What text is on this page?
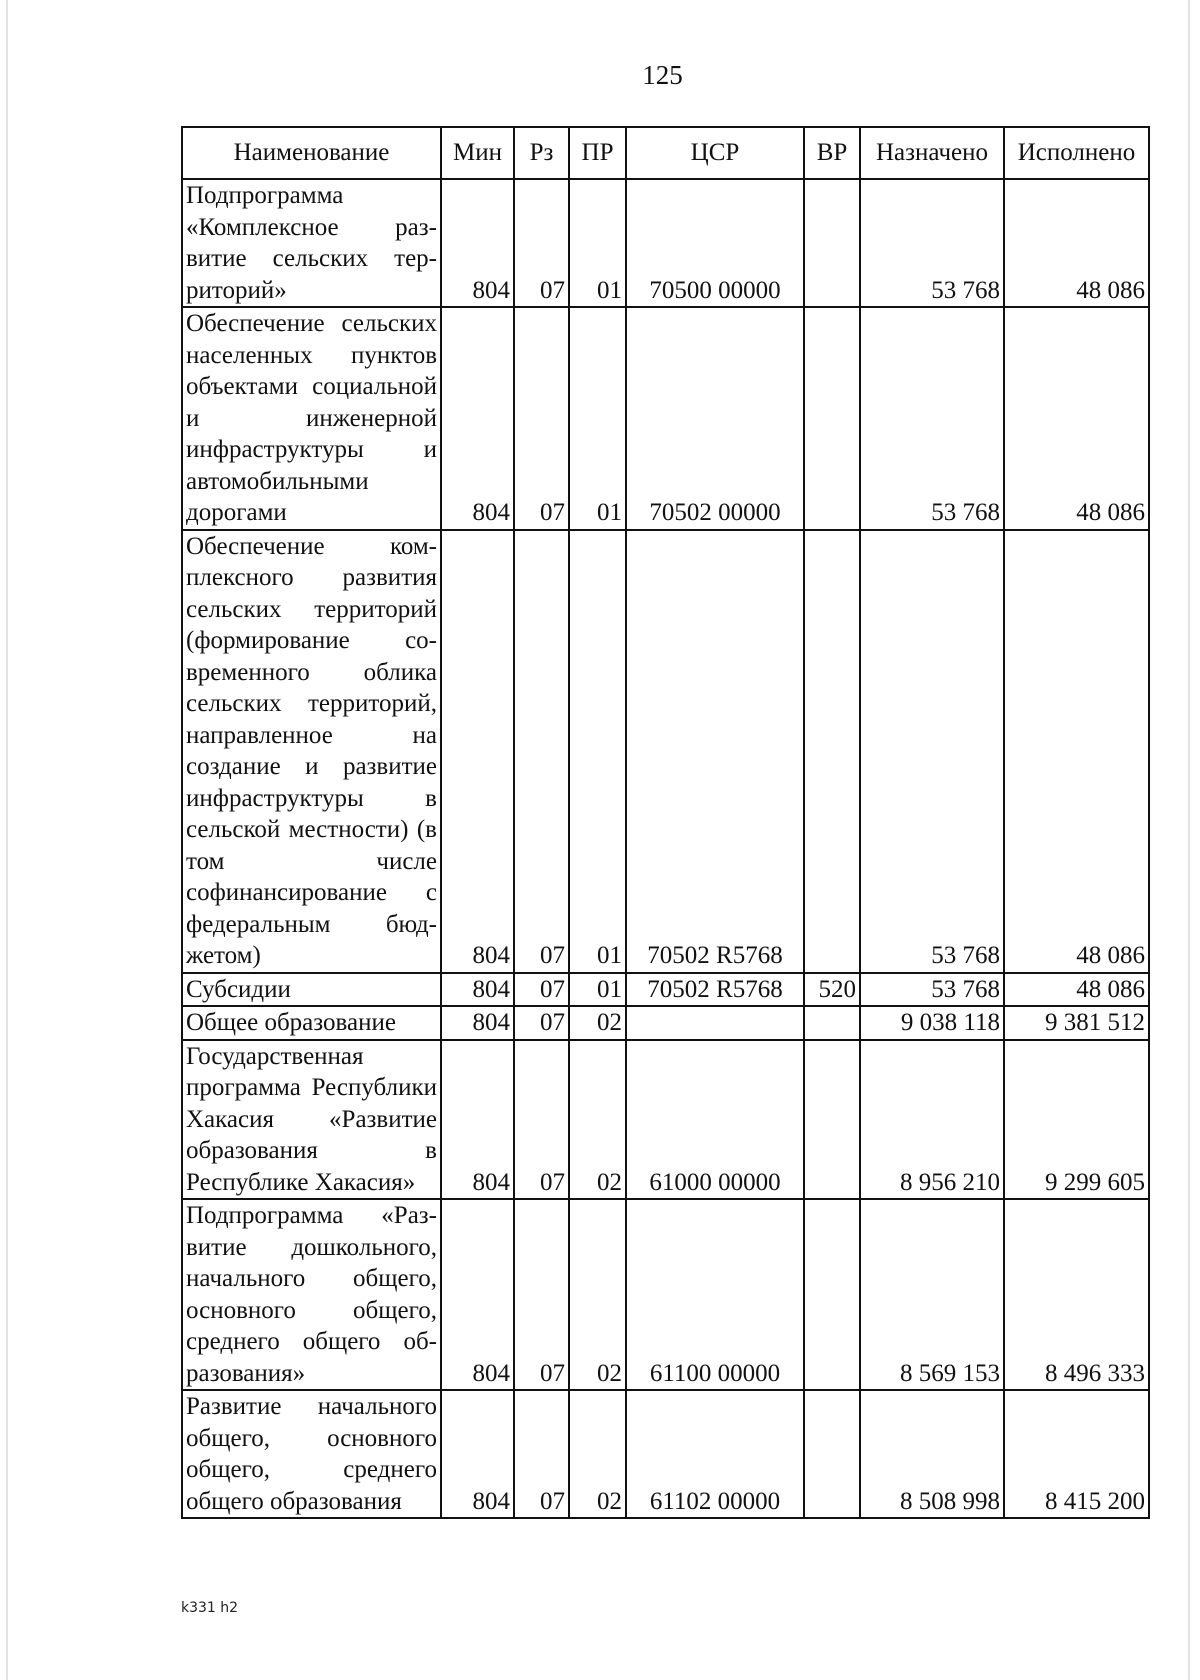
125
Наименование	Мин	Рз	ПР	ЦСР	ВР	Назначено	Исполнено
Подпрограмма «Комплексное развитие сельских территорий»	804	07	01	70500 00000		53 768	48 086
Обеспечение сельских населенных пунктов объектами социальной и инженерной инфраструктуры и автомобильными дорогами	804	07	01	70502 00000		53 768	48 086
Обеспечение комплексного развития сельских территорий (формирование современного облика сельских территорий, направленное на создание и развитие инфраструктуры в сельской местности) (в том числе софинансирование с федеральным бюджетом)	804	07	01	70502 R5768		53 768	48 086
Субсидии	804	07	01	70502 R5768	520	53 768	48 086
Общее образование	804	07	02			9 038 118	9 381 512
Государственная программа Республики Хакасия «Развитие образования в Республике Хакасия»	804	07	02	61000 00000		8 956 210	9 299 605
Подпрограмма «Развитие дошкольного, начального общего, основного общего, среднего общего образования»	804	07	02	61100 00000		8 569 153	8 496 333
Развитие начального общего, основного общего, среднего общего образования	804	07	02	61102 00000		8 508 998	8 415 200
k331 h2
